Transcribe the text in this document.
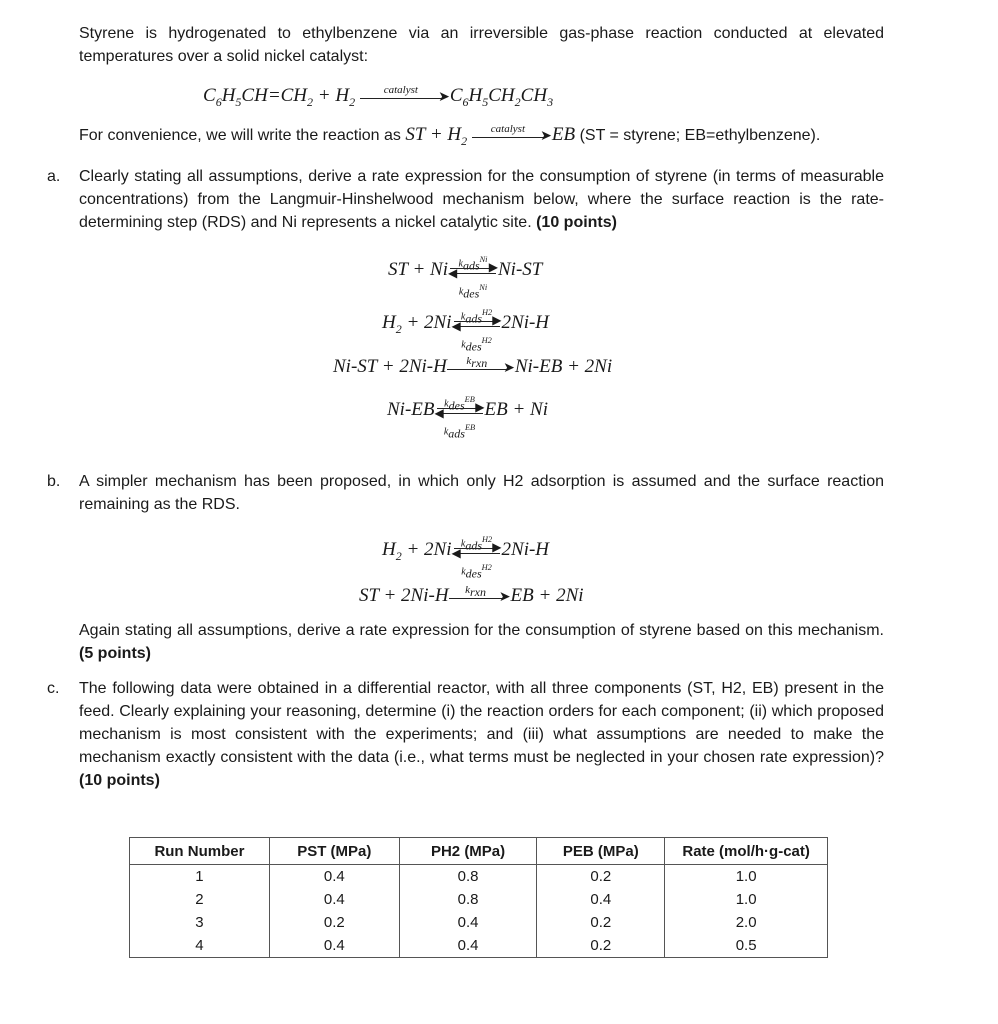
Styrene is hydrogenated to ethylbenzene via an irreversible gas-phase reaction conducted at elevated temperatures over a solid nickel catalyst:
$C_6H_5CH=CH_2 + H_2$
catalyst	➤ $C_6H_5CH_2CH_3$
For convenience, we will write the reaction as ST + $H_2$
catalyst	➤ EB (ST = styrene; EB=ethylbenzene).
a. Clearly stating all assumptions, derive a rate expression for the consumption of styrene (in terms of measurable concentrations) from the Langmuir-Hinshelwood mechanism below, where the surface reaction is the rate-determining step (RDS) and Ni represents a nickel catalytic site. (10 points)
ST + Ni	$k_{ads}^{Ni}$
▶
◀
$k_{des}^{Ni}$
Ni-ST
$H_2 + 2Ni$ $k_{ads}^{H2}$
▶
◀
$k_{des}^{H2}$
2Ni-H
Ni-ST + 2Ni-H	$k_{rxn}$	➤ Ni-EB + 2Ni
Ni-EB $k_{des}^{EB}$
▶
◀
$k_{ads}^{EB}$
EB + Ni
b. A simpler mechanism has been proposed, in which only H2 adsorption is assumed and the surface reaction remaining as the RDS.
$H_2 + 2Ni$ $k_{ads}^{H2}$
▶
◀
$k_{des}^{H2}$
2Ni-H
ST + 2Ni-H	$k_{rxn}$ ➤ EB + 2Ni
Again stating all assumptions, derive a rate expression for the consumption of styrene based on this mechanism. (5 points)
c. The following data were obtained in a differential reactor, with all three components (ST, H2, EB) present in the feed. Clearly explaining your reasoning, determine (i) the reaction orders for each component; (ii) which proposed mechanism is most consistent with the experiments; and (iii) what assumptions are needed to make the mechanism exactly consistent with the data (i.e., what terms must be neglected in your chosen rate expression)? (10 points)
Run Number	PST (MPa)	PH2 (MPa)	PEB (MPa)	Rate (mol/h·g-cat)
1	0.4	0.8	0.2	1.0
2	0.4	0.8	0.4	1.0
3	0.2	0.4	0.2	2.0
4	0.4	0.4	0.2	0.5
